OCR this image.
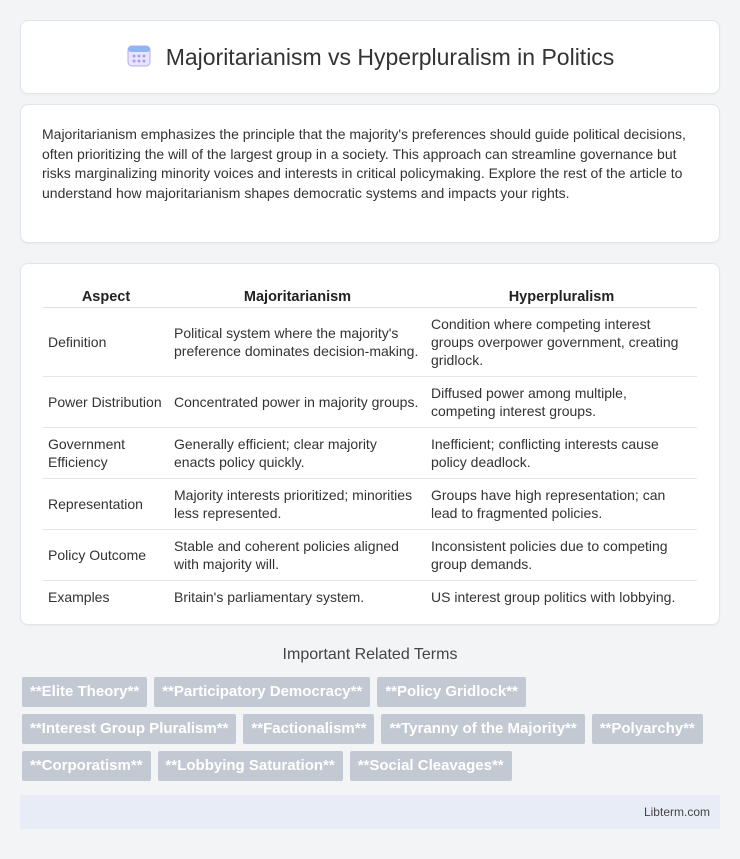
Majoritarianism vs Hyperpluralism in Politics

Majoritarianism emphasizes the principle that the majority's preferences should guide political decisions, often prioritizing the will of the largest group in a society. This approach can streamline governance but risks marginalizing minority voices and interests in critical policymaking. Explore the rest of the article to understand how majoritarianism shapes democratic systems and impacts your rights.

Aspect	Majoritarianism	Hyperpluralism
Definition	Political system where the majority's preference dominates decision-making.	Condition where competing interest groups overpower government, creating gridlock.
Power Distribution	Concentrated power in majority groups.	Diffused power among multiple, competing interest groups.
Government Efficiency	Generally efficient; clear majority enacts policy quickly.	Inefficient; conflicting interests cause policy deadlock.
Representation	Majority interests prioritized; minorities less represented.	Groups have high representation; can lead to fragmented policies.
Policy Outcome	Stable and coherent policies aligned with majority will.	Inconsistent policies due to competing group demands.
Examples	Britain's parliamentary system.	US interest group politics with lobbying.
Important Related Terms
**Elite Theory**	**Participatory Democracy**	**Policy Gridlock**
**Interest Group Pluralism**	**Factionalism**	**Tyranny of the Majority**	**Polyarchy**
**Corporatism**	**Lobbying Saturation**	**Social Cleavages**
Libterm.com
